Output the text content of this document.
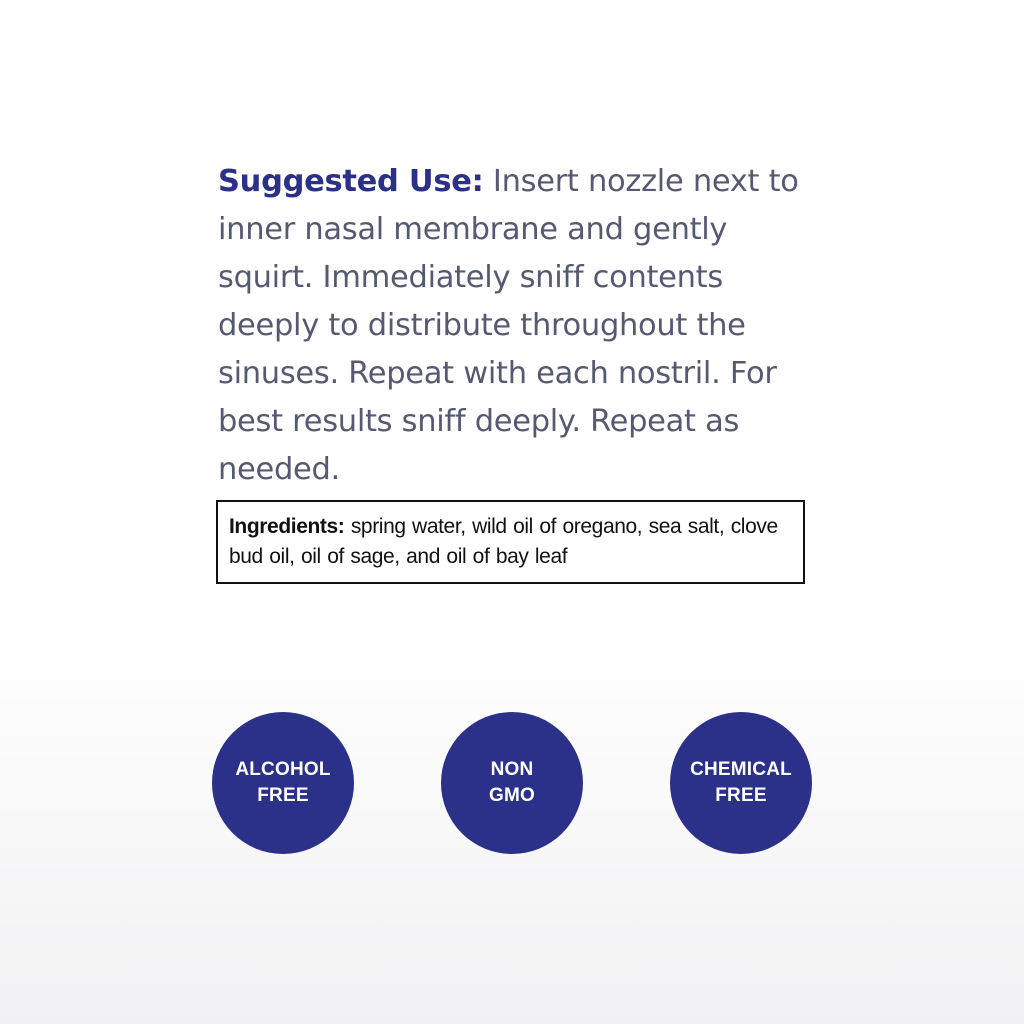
Suggested Use: Insert nozzle next to inner nasal membrane and gently squirt. Immediately sniff contents deeply to distribute throughout the sinuses. Repeat with each nostril. For best results sniff deeply. Repeat as needed.
Ingredients: spring water, wild oil of oregano, sea salt, clove bud oil, oil of sage, and oil of bay leaf
ALCOHOL
FREE
NON
GMO
CHEMICAL
FREE
